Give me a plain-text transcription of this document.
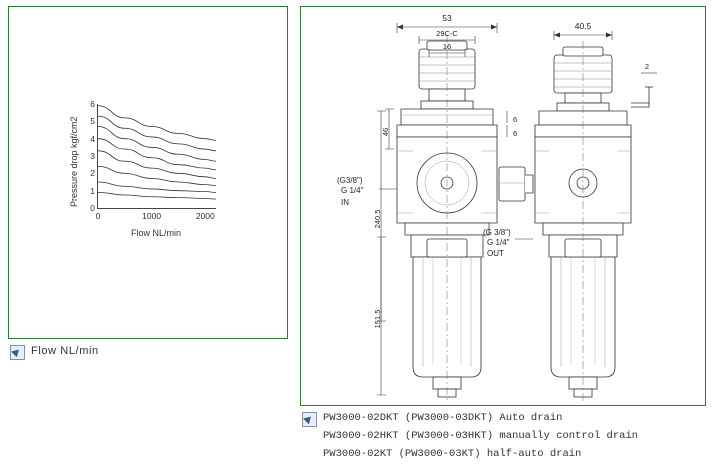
Pressure drop kgf/cm2
0
1
2
3
4
5
6
0	1000	2000
Flow NL/min
Flow NL/min
53
29C-C
16
40.5
2
46
240.5
151.5
6
6
(G3/8")
G 1/4"
IN
(G 3/8")
G 1/4"
OUT
PW3000-02DKT (PW3000-03DKT) Auto drain
PW3000-02HKT (PW3000-03HKT) manually control drain
PW3000-02KT (PW3000-03KT) half-auto drain
